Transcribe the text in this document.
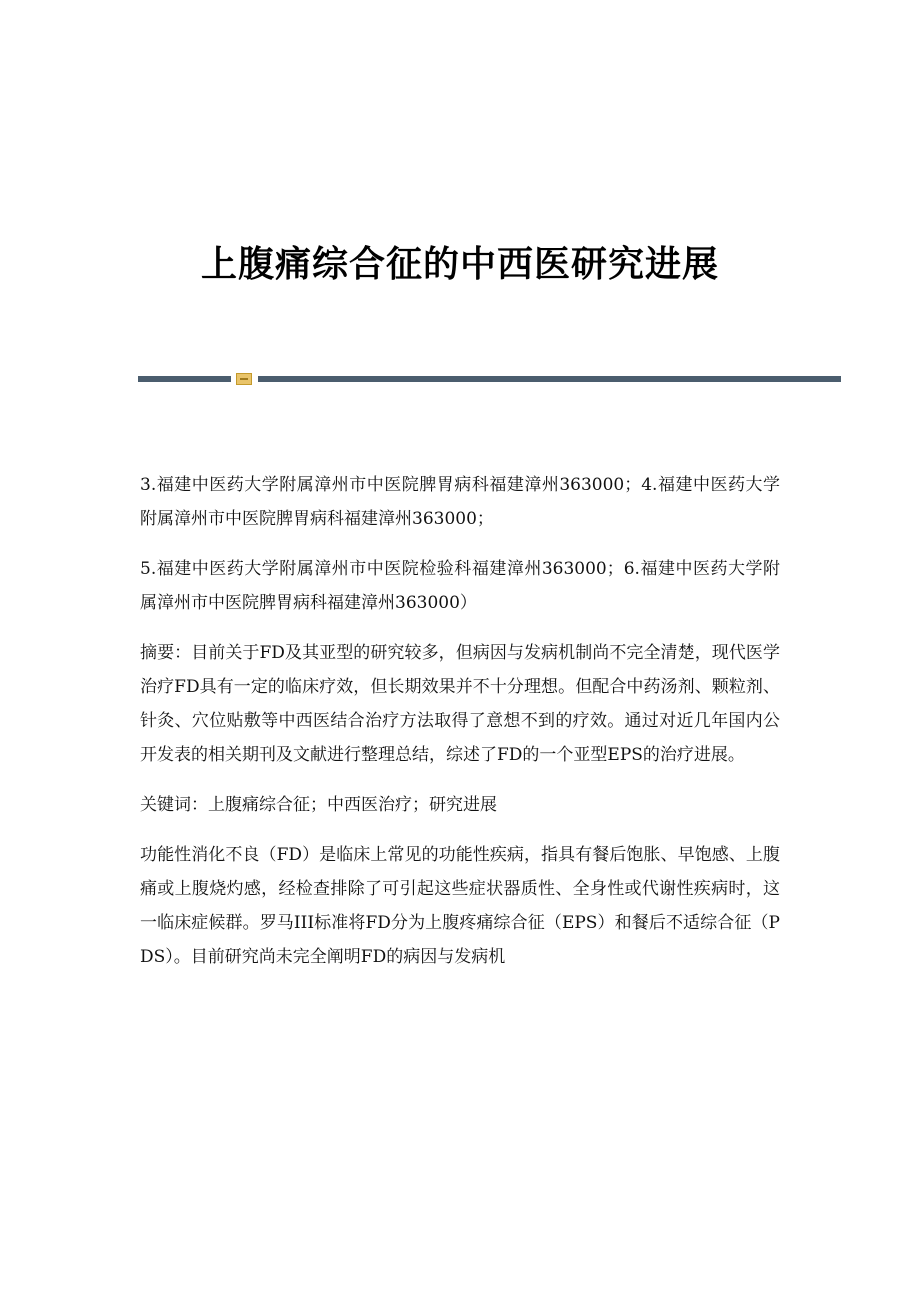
上腹痛综合征的中西医研究进展

3.福建中医药大学附属漳州市中医院脾胃病科福建漳州363000；4.福建中医药大学附属漳州市中医院脾胃病科福建漳州363000；

5.福建中医药大学附属漳州市中医院检验科福建漳州363000；6.福建中医药大学附属漳州市中医院脾胃病科福建漳州363000）

摘要：目前关于FD及其亚型的研究较多，但病因与发病机制尚不完全清楚，现代医学治疗FD具有一定的临床疗效，但长期效果并不十分理想。但配合中药汤剂、颗粒剂、针灸、穴位贴敷等中西医结合治疗方法取得了意想不到的疗效。通过对近几年国内公开发表的相关期刊及文献进行整理总结，综述了FD的一个亚型EPS的治疗进展。

关键词：上腹痛综合征；中西医治疗；研究进展

功能性消化不良（FD）是临床上常见的功能性疾病，指具有餐后饱胀、早饱感、上腹痛或上腹烧灼感，经检查排除了可引起这些症状器质性、全身性或代谢性疾病时，这一临床症候群。罗马III标准将FD分为上腹疼痛综合征（EPS）和餐后不适综合征（PDS）。目前研究尚未完全阐明FD的病因与发病机
